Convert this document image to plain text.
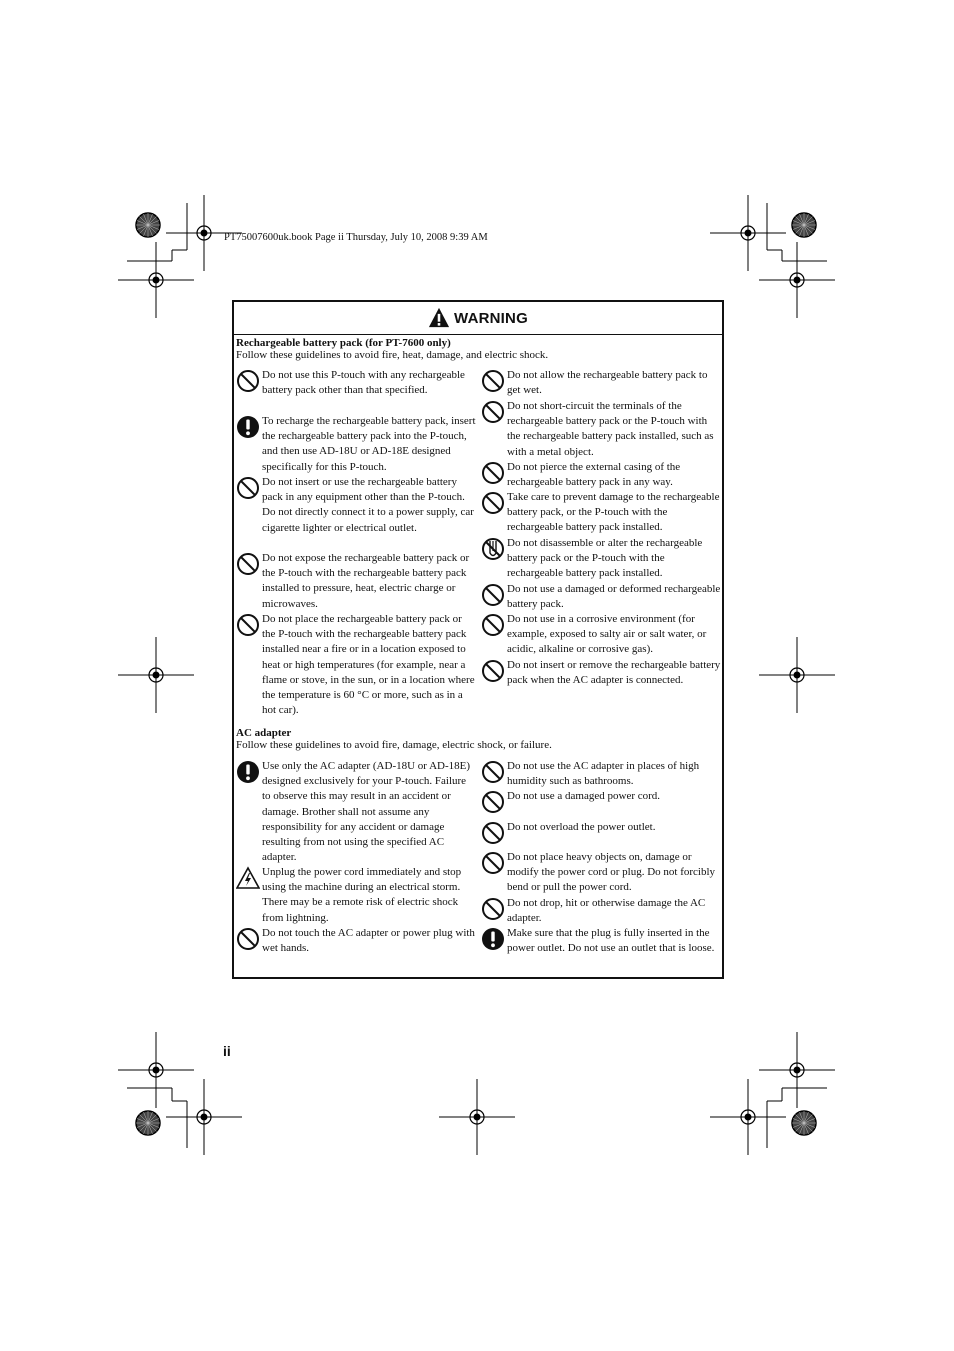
PT75007600uk.book Page ii Thursday, July 10, 2008 9:39 AM
WARNING
Rechargeable battery pack (for PT-7600 only)
Follow these guidelines to avoid fire, heat, damage, and electric shock.
Do not use this P-touch with any rechargeable battery pack other than that specified.
To recharge the rechargeable battery pack, insert the rechargeable battery pack into the P-touch, and then use AD-18U or AD-18E designed specifically for this P-touch.
Do not insert or use the rechargeable battery pack in any equipment other than the P-touch. Do not directly connect it to a power supply, car cigarette lighter or electrical outlet.
Do not expose the rechargeable battery pack or the P-touch with the rechargeable battery pack installed to pressure, heat, electric charge or microwaves.
Do not place the rechargeable battery pack or the P-touch with the rechargeable battery pack installed near a fire or in a location exposed to heat or high temperatures (for example, near a flame or stove, in the sun, or in a location where the temperature is 60 °C or more, such as in a hot car).
Do not allow the rechargeable battery pack to get wet.
Do not short-circuit the terminals of the rechargeable battery pack or the P-touch with the rechargeable battery pack installed, such as with a metal object.
Do not pierce the external casing of the rechargeable battery pack in any way.
Take care to prevent damage to the rechargeable battery pack, or the P-touch with the rechargeable battery pack installed.
Do not disassemble or alter the rechargeable battery pack or the P-touch with the rechargeable battery pack installed.
Do not use a damaged or deformed rechargeable battery pack.
Do not use in a corrosive environment (for example, exposed to salty air or salt water, or acidic, alkaline or corrosive gas).
Do not insert or remove the rechargeable battery pack when the AC adapter is connected.
AC adapter
Follow these guidelines to avoid fire, damage, electric shock, or failure.
Use only the AC adapter (AD-18U or AD-18E) designed exclusively for your P-touch. Failure to observe this may result in an accident or damage. Brother shall not assume any responsibility for any accident or damage resulting from not using the specified AC adapter.
Unplug the power cord immediately and stop using the machine during an electrical storm. There may be a remote risk of electric shock from lightning.
Do not touch the AC adapter or power plug with wet hands.
Do not use the AC adapter in places of high humidity such as bathrooms.
Do not use a damaged power cord.
Do not overload the power outlet.
Do not place heavy objects on, damage or modify the power cord or plug. Do not forcibly bend or pull the power cord.
Do not drop, hit or otherwise damage the AC adapter.
Make sure that the plug is fully inserted in the power outlet. Do not use an outlet that is loose.
ii
